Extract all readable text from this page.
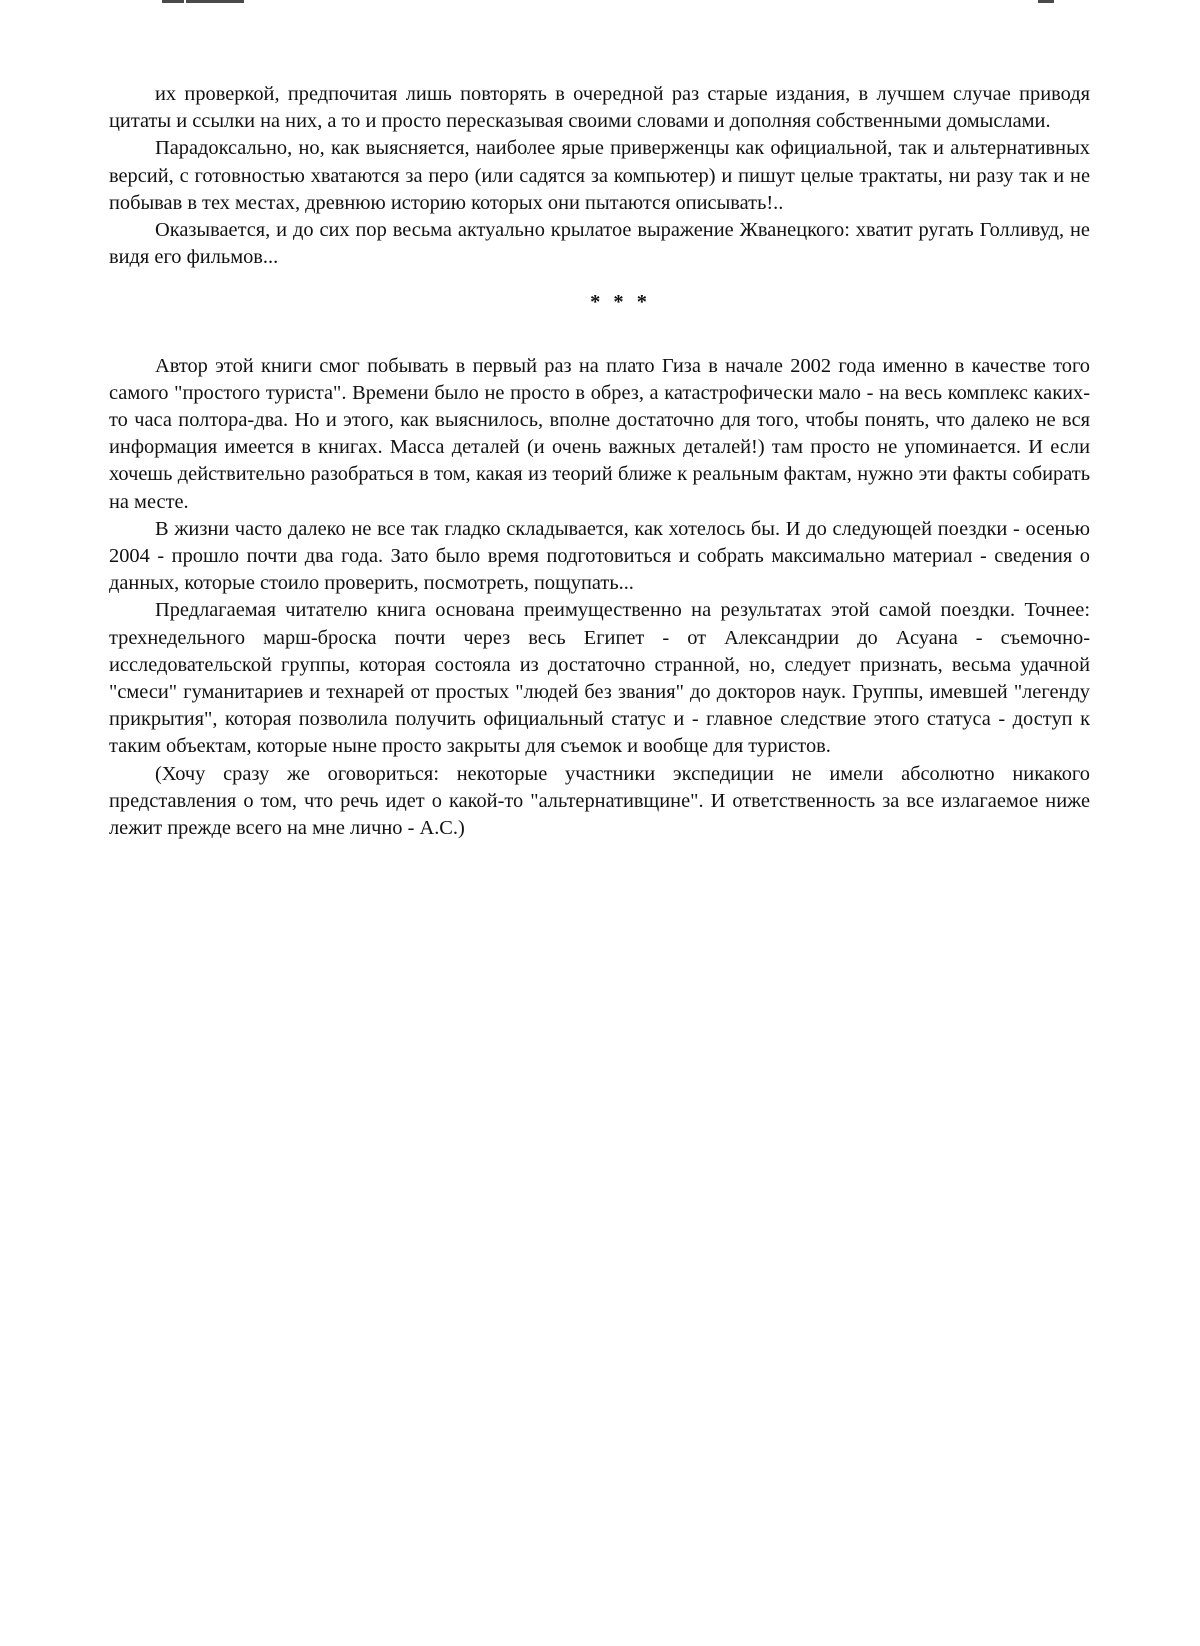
их проверкой, предпочитая лишь повторять в очередной раз старые издания, в лучшем случае приводя цитаты и ссылки на них, а то и просто пересказывая своими словами и дополняя собственными домыслами.

Парадоксально, но, как выясняется, наиболее ярые приверженцы как официальной, так и альтернативных версий, с готовностью хватаются за перо (или садятся за компьютер) и пишут целые трактаты, ни разу так и не побывав в тех местах, древнюю историю которых они пытаются описывать!..

Оказывается, и до сих пор весьма актуально крылатое выражение Жванецкого: хватит ругать Голливуд, не видя его фильмов...

* * *

Автор этой книги смог побывать в первый раз на плато Гиза в начале 2002 года именно в качестве того самого "простого туриста". Времени было не просто в обрез, а катастрофически мало - на весь комплекс каких-то часа полтора-два. Но и этого, как выяснилось, вполне достаточно для того, чтобы понять, что далеко не вся информация имеется в книгах. Масса деталей (и очень важных деталей!) там просто не упоминается. И если хочешь действительно разобраться в том, какая из теорий ближе к реальным фактам, нужно эти факты собирать на месте.

В жизни часто далеко не все так гладко складывается, как хотелось бы. И до следующей поездки - осенью 2004 - прошло почти два года. Зато было время подготовиться и собрать максимально материал - сведения о данных, которые стоило проверить, посмотреть, пощупать...

Предлагаемая читателю книга основана преимущественно на результатах этой самой поездки. Точнее: трехнедельного марш-броска почти через весь Египет - от Александрии до Асуана - съемочно-исследовательской группы, которая состояла из достаточно странной, но, следует признать, весьма удачной "смеси" гуманитариев и технарей от простых "людей без звания" до докторов наук. Группы, имевшей "легенду прикрытия", которая позволила получить официальный статус и - главное следствие этого статуса - доступ к таким объектам, которые ныне просто закрыты для съемок и вообще для туристов.

(Хочу сразу же оговориться: некоторые участники экспедиции не имели абсолютно никакого представления о том, что речь идет о какой-то "альтернативщине". И ответственность за все излагаемое ниже лежит прежде всего на мне лично - А.С.)
